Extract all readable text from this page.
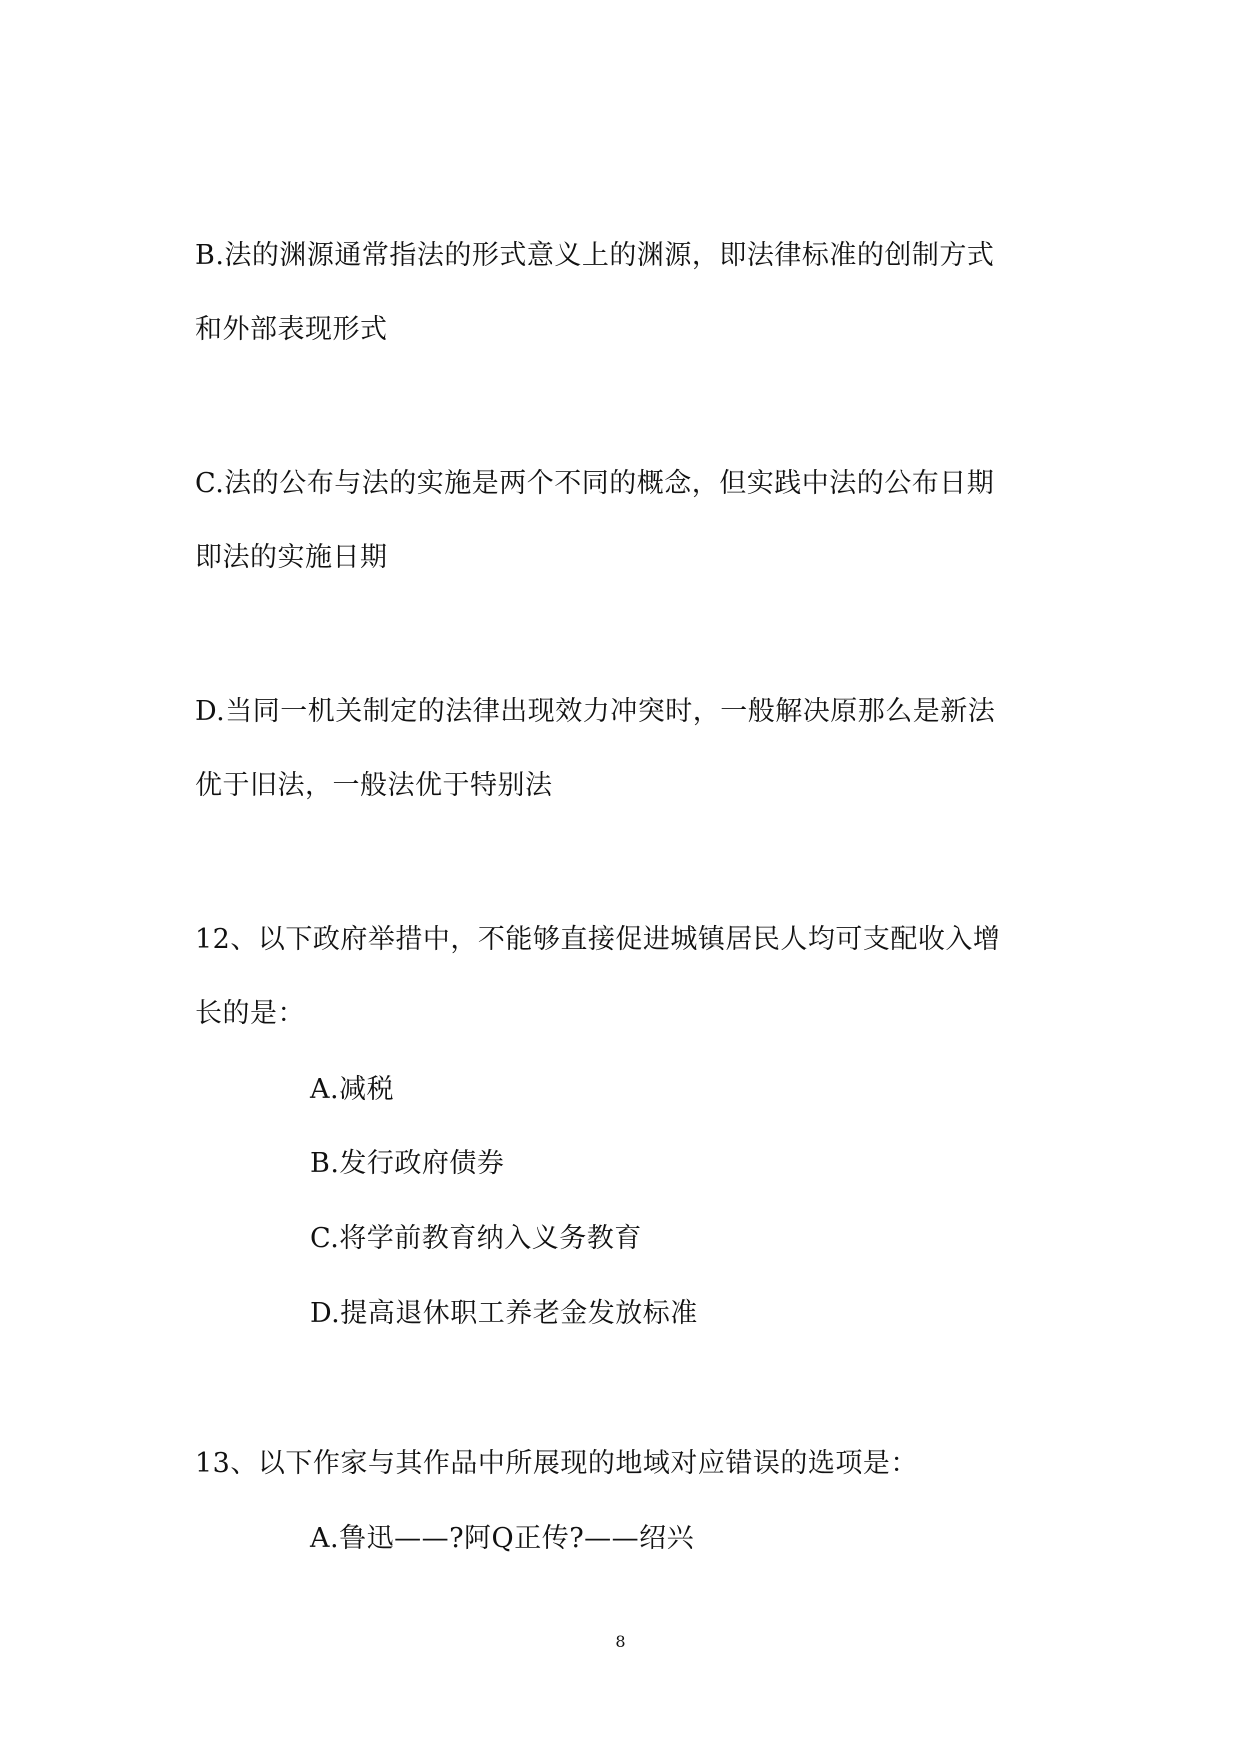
B.法的渊源通常指法的形式意义上的渊源，即法律标准的创制方式
和外部表现形式
C.法的公布与法的实施是两个不同的概念，但实践中法的公布日期
即法的实施日期
D.当同一机关制定的法律出现效力冲突时，一般解决原那么是新法
优于旧法，一般法优于特别法
12、以下政府举措中，不能够直接促进城镇居民人均可支配收入增
长的是：
A.减税
B.发行政府债券
C.将学前教育纳入义务教育
D.提高退休职工养老金发放标准
13、以下作家与其作品中所展现的地域对应错误的选项是：
A.鲁迅——?阿Q正传?——绍兴
8
